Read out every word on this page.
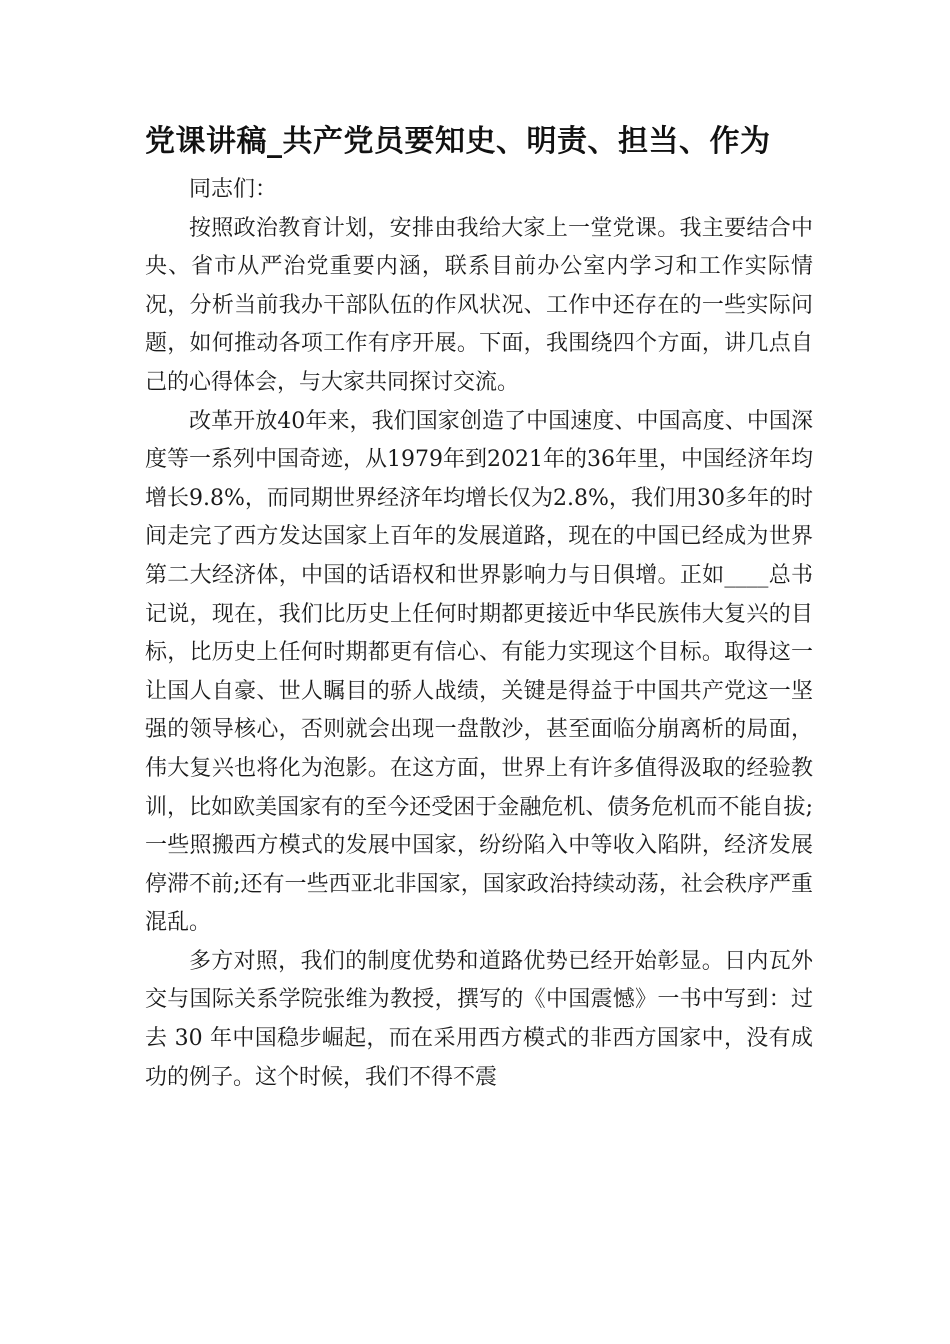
党课讲稿_共产党员要知史、明责、担当、作为

同志们：

按照政治教育计划，安排由我给大家上一堂党课。我主要结合中央、省市从严治党重要内涵，联系目前办公室内学习和工作实际情况，分析当前我办干部队伍的作风状况、工作中还存在的一些实际问题，如何推动各项工作有序开展。下面，我围绕四个方面，讲几点自己的心得体会，与大家共同探讨交流。

改革开放40年来，我们国家创造了中国速度、中国高度、中国深度等一系列中国奇迹，从1979年到2021年的36年里，中国经济年均增长9.8%，而同期世界经济年均增长仅为2.8%，我们用30多年的时间走完了西方发达国家上百年的发展道路，现在的中国已经成为世界第二大经济体，中国的话语权和世界影响力与日俱增。正如____总书记说，现在，我们比历史上任何时期都更接近中华民族伟大复兴的目标，比历史上任何时期都更有信心、有能力实现这个目标。取得这一让国人自豪、世人瞩目的骄人战绩，关键是得益于中国共产党这一坚强的领导核心，否则就会出现一盘散沙，甚至面临分崩离析的局面，伟大复兴也将化为泡影。在这方面，世界上有许多值得汲取的经验教训，比如欧美国家有的至今还受困于金融危机、债务危机而不能自拔;一些照搬西方模式的发展中国家，纷纷陷入中等收入陷阱，经济发展停滞不前;还有一些西亚北非国家，国家政治持续动荡，社会秩序严重混乱。

多方对照，我们的制度优势和道路优势已经开始彰显。日内瓦外交与国际关系学院张维为教授，撰写的《中国震憾》一书中写到：过去 30 年中国稳步崛起，而在采用西方模式的非西方国家中，没有成功的例子。这个时候，我们不得不震
